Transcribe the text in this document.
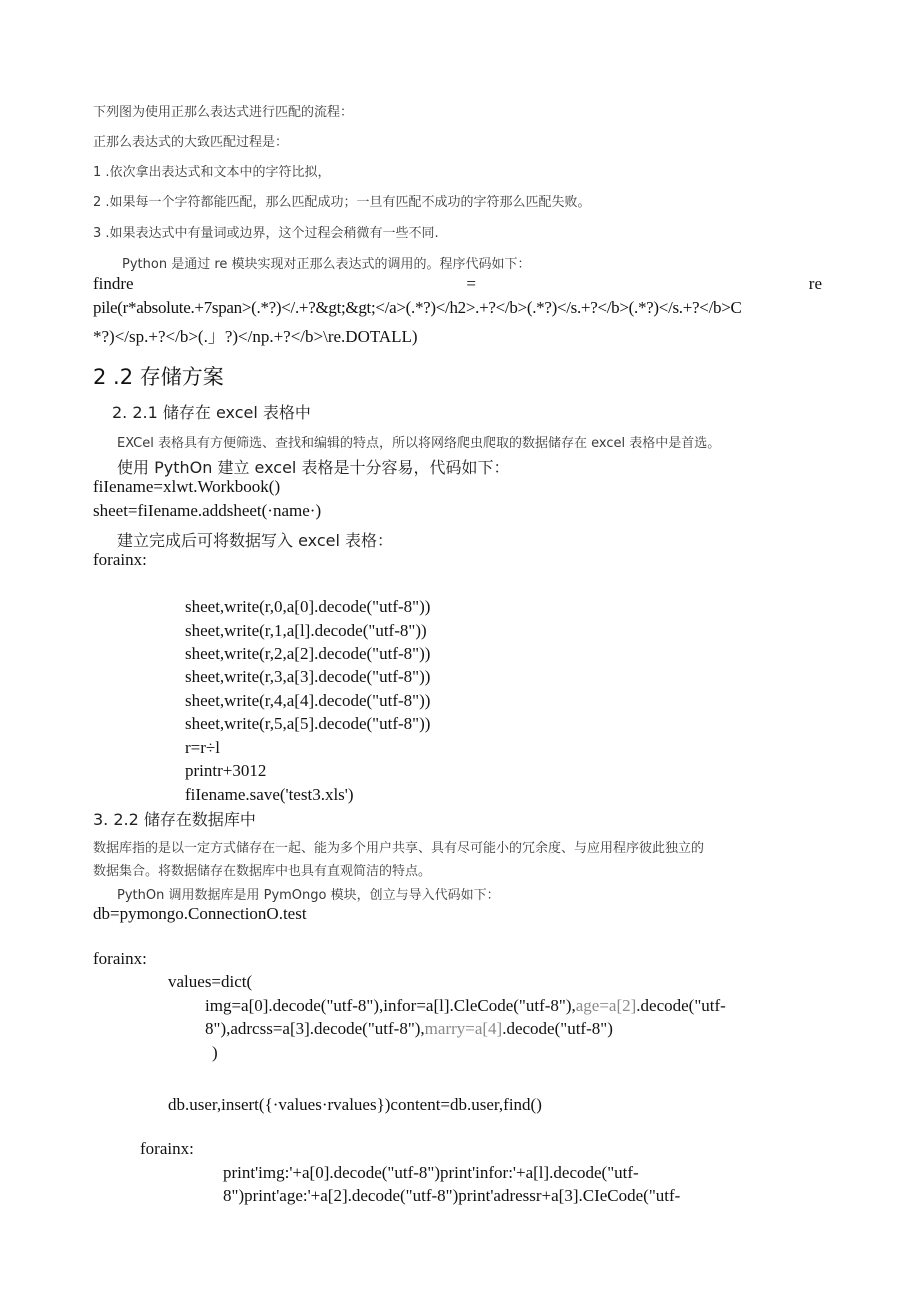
下列图为使用正那么表达式进行匹配的流程：

正那么表达式的大致匹配过程是：

1 .依次拿出表达式和文本中的字符比拟，

2 .如果每一个字符都能匹配，那么匹配成功；一旦有匹配不成功的字符那么匹配失败。

3 .如果表达式中有量词或边界，这个过程会稍微有一些不同.

Python 是通过 re 模块实现对正那么表达式的调用的。程序代码如下：

findre	=	re

pile(r*absolute.+7span>(.*?)</.+?&gt;&gt;</a>(.*?)</h2>.+?</b>(.*?)</s.+?</b>(.*?)</s.+?</b>C

*?)</sp.+?</b>(.」?)</np.+?</b>\re.DOTALL)

2 .2 存储方案

2. 2.1 储存在 excel 表格中

EXCel 表格具有方便筛选、查找和编辑的特点，所以将网络爬虫爬取的数据储存在 excel 表格中是首选。

使用 PythOn 建立 excel 表格是十分容易，代码如下：

fiIename=xlwt.Workbook()

sheet=fiIename.addsheet(·name·)

建立完成后可将数据写入 excel 表格：

forainx:

sheet,write(r,0,a[0].decode("utf-8"))

sheet,write(r,1,a[l].decode("utf-8"))

sheet,write(r,2,a[2].decode("utf-8"))

sheet,write(r,3,a[3].decode("utf-8"))

sheet,write(r,4,a[4].decode("utf-8"))

sheet,write(r,5,a[5].decode("utf-8"))

r=r÷l

printr+3012

fiIename.save('test3.xls')

3. 2.2 储存在数据库中

数据库指的是以一定方式储存在一起、能为多个用户共享、具有尽可能小的冗余度、与应用程序彼此独立的

数据集合。将数据储存在数据库中也具有直观简洁的特点。

PythOn 调用数据库是用 PymOngo 模块，创立与导入代码如下：

db=pymongo.ConnectionO.test

forainx:

values=dict(

img=a[0].decode("utf-8"),infor=a[l].CleCode("utf-8"),age=a[2].decode("utf-

8"),adrcss=a[3].decode("utf-8"),marry=a[4].decode("utf-8")

)

db.user,insert({·values·rvalues})content=db.user,find()

forainx:

print'img:'+a[0].decode("utf-8")print'infor:'+a[l].decode("utf-

8")print'age:'+a[2].decode("utf-8")print'adressr+a[3].CIeCode("utf-
